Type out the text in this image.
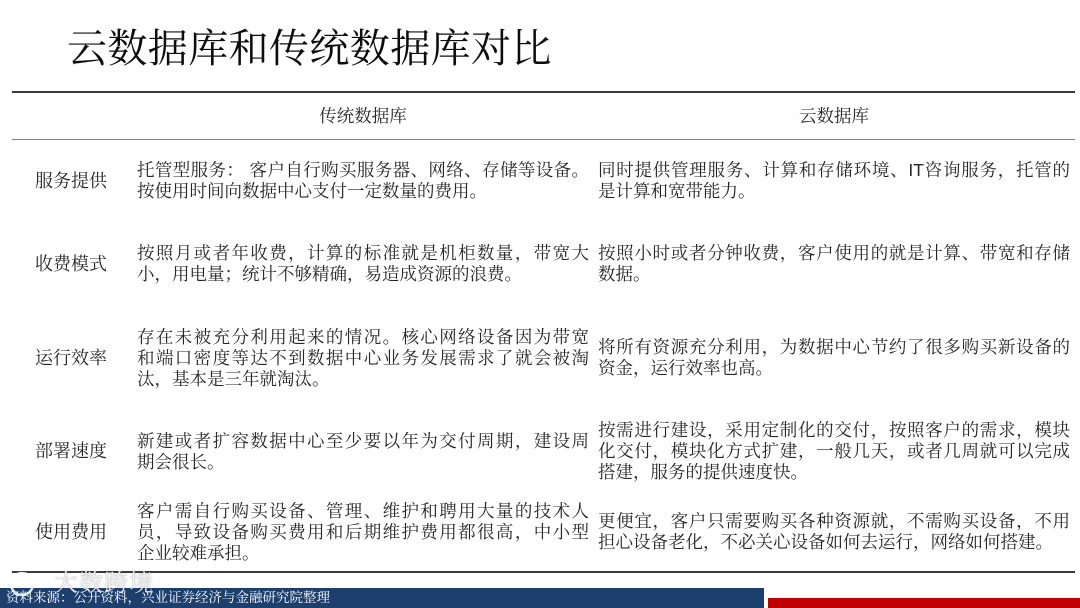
云数据库和传统数据库对比
传统数据库	云数据库
服务提供
托管型服务： 客户自行购买服务器、网络、存储等设备。
按使用时间向数据中心支付一定数量的费用。
同时提供管理服务、计算和存储环境、IT咨询服务，托管的
是计算和宽带能力。
收费模式
按照月或者年收费，计算的标准就是机柜数量，带宽大
小，用电量；统计不够精确，易造成资源的浪费。
按照小时或者分钟收费，客户使用的就是计算、带宽和存储
数据。
运行效率
存在未被充分利用起来的情况。核心网络设备因为带宽
和端口密度等达不到数据中心业务发展需求了就会被淘
汰，基本是三年就淘汰。
将所有资源充分利用，为数据中心节约了很多购买新设备的
资金，运行效率也高。
部署速度
新建或者扩容数据中心至少要以年为交付周期，建设周
期会很长。
按需进行建设，采用定制化的交付，按照客户的需求，模块
化交付，模块化方式扩建，一般几天，或者几周就可以完成
搭建，服务的提供速度快。
使用费用
客户需自行购买设备、管理、维护和聘用大量的技术人
员，导致设备购买费用和后期维护费用都很高，中小型
企业较难承担。
更便宜，客户只需要购买各种资源就，不需购买设备，不用
担心设备老化，不必关心设备如何去运行，网络如何搭建。
资料来源：公开资料，兴业证券经济与金融研究院整理
大数跨境
